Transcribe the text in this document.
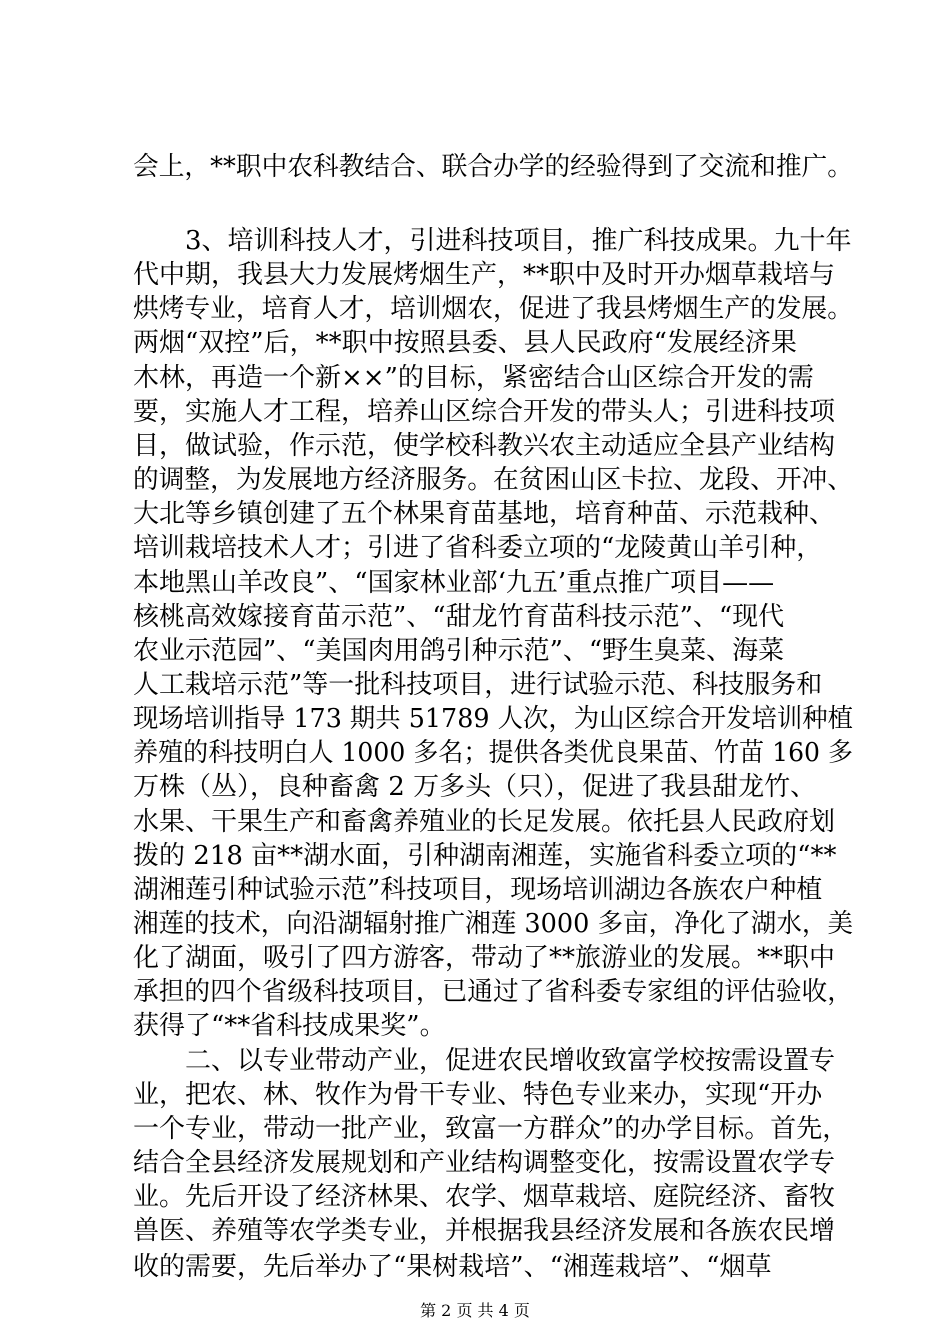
会上，**职中农科教结合、联合办学的经验得到了交流和推广。
　　3、培训科技人才，引进科技项目，推广科技成果。九十年
代中期，我县大力发展烤烟生产，**职中及时开办烟草栽培与
烘烤专业，培育人才，培训烟农，促进了我县烤烟生产的发展。
两烟“双控”后，**职中按照县委、县人民政府“发展经济果
木林，再造一个新××”的目标，紧密结合山区综合开发的需
要，实施人才工程，培养山区综合开发的带头人；引进科技项
目，做试验，作示范，使学校科教兴农主动适应全县产业结构
的调整，为发展地方经济服务。在贫困山区卡拉、龙段、开冲、
大北等乡镇创建了五个林果育苗基地，培育种苗、示范栽种、
培训栽培技术人才；引进了省科委立项的“龙陵黄山羊引种，
本地黑山羊改良”、“国家林业部‘九五’重点推广项目——
核桃高效嫁接育苗示范”、“甜龙竹育苗科技示范”、“现代
农业示范园”、“美国肉用鸽引种示范”、“野生臭菜、海菜
人工栽培示范”等一批科技项目，进行试验示范、科技服务和
现场培训指导 173 期共 51789 人次，为山区综合开发培训种植
养殖的科技明白人 1000 多名；提供各类优良果苗、竹苗 160 多
万株（丛），良种畜禽 2 万多头（只），促进了我县甜龙竹、
水果、干果生产和畜禽养殖业的长足发展。依托县人民政府划
拨的 218 亩**湖水面，引种湖南湘莲，实施省科委立项的“**
湖湘莲引种试验示范”科技项目，现场培训湖边各族农户种植
湘莲的技术，向沿湖辐射推广湘莲 3000 多亩，净化了湖水，美
化了湖面，吸引了四方游客，带动了**旅游业的发展。**职中
承担的四个省级科技项目，已通过了省科委专家组的评估验收，
获得了“**省科技成果奖”。
　　二、以专业带动产业，促进农民增收致富学校按需设置专
业，把农、林、牧作为骨干专业、特色专业来办，实现“开办
一个专业，带动一批产业，致富一方群众”的办学目标。首先，
结合全县经济发展规划和产业结构调整变化，按需设置农学专
业。先后开设了经济林果、农学、烟草栽培、庭院经济、畜牧
兽医、养殖等农学类专业，并根据我县经济发展和各族农民增
收的需要，先后举办了“果树栽培”、“湘莲栽培”、“烟草
第 2 页 共 4 页
